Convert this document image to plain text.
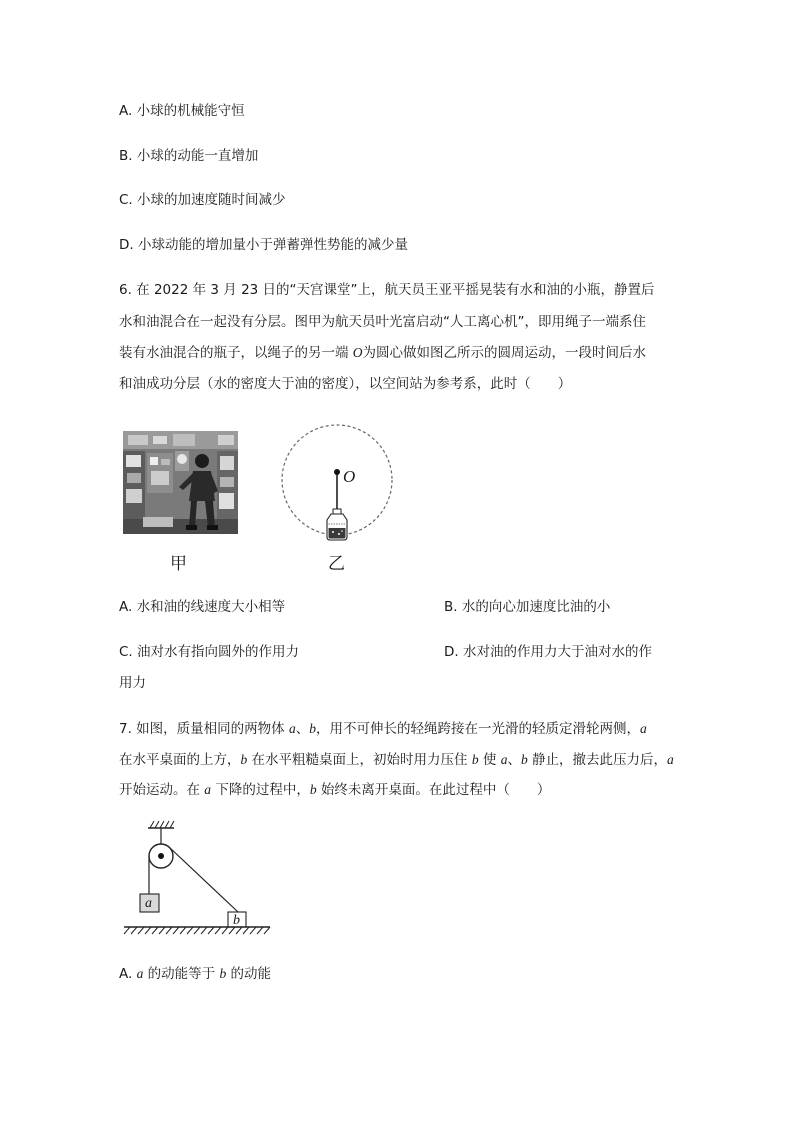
A. 小球的机械能守恒
B. 小球的动能一直增加
C. 小球的加速度随时间减少
D. 小球动能的增加量小于弹蓄弹性势能的减少量
6. 在 2022 年 3 月 23 日的“天宫课堂”上，航天员王亚平摇晃装有水和油的小瓶，静置后
水和油混合在一起没有分层。图甲为航天员叶光富启动“人工离心机”，即用绳子一端系住
装有水油混合的瓶子，以绳子的另一端 O为圆心做如图乙所示的圆周运动，一段时间后水
和油成功分层（水的密度大于油的密度），以空间站为参考系，此时（　　）
甲
O
乙
A. 水和油的线速度大小相等	B. 水的向心加速度比油的小
C. 油对水有指向圆外的作用力	D. 水对油的作用力大于油对水的作
用力
7. 如图，质量相同的两物体 a、b，用不可伸长的轻绳跨接在一光滑的轻质定滑轮两侧，a
在水平桌面的上方，b 在水平粗糙桌面上，初始时用力压住 b 使 a、b 静止，撤去此压力后，a
开始运动。在 a 下降的过程中，b 始终未离开桌面。在此过程中（　　）
a
b
A. a 的动能等于 b 的动能
